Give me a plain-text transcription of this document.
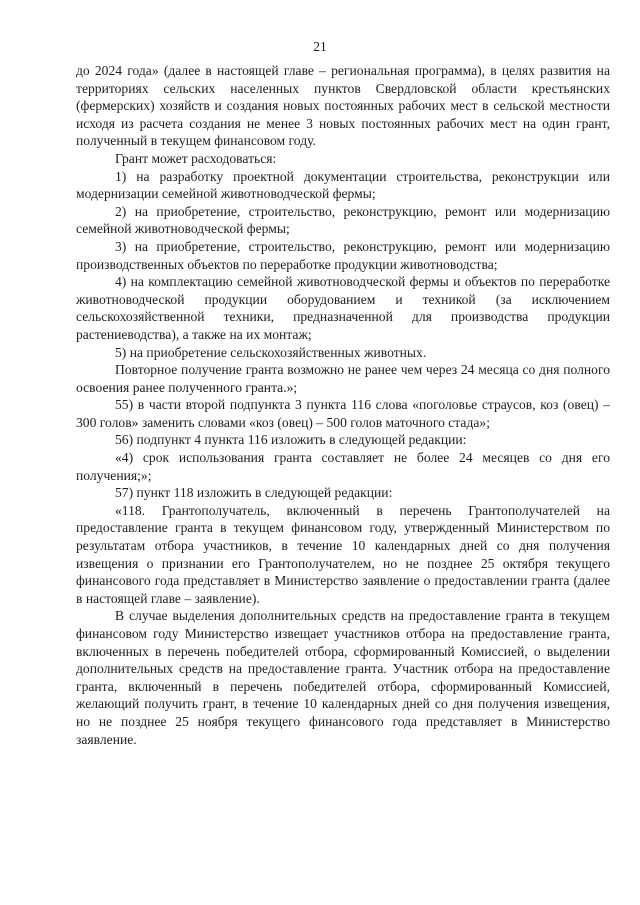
21

до 2024 года» (далее в настоящей главе – региональная программа), в целях развития на территориях сельских населенных пунктов Свердловской области крестьянских (фермерских) хозяйств и создания новых постоянных рабочих мест в сельской местности исходя из расчета создания не менее 3 новых постоянных рабочих мест на один грант, полученный в текущем финансовом году.

Грант может расходоваться:

1) на разработку проектной документации строительства, реконструкции или модернизации семейной животноводческой фермы;

2) на приобретение, строительство, реконструкцию, ремонт или модернизацию семейной животноводческой фермы;

3) на приобретение, строительство, реконструкцию, ремонт или модернизацию производственных объектов по переработке продукции животноводства;

4) на комплектацию семейной животноводческой фермы и объектов по переработке животноводческой продукции оборудованием и техникой (за исключением сельскохозяйственной техники, предназначенной для производства продукции растениеводства), а также на их монтаж;

5) на приобретение сельскохозяйственных животных.

Повторное получение гранта возможно не ранее чем через 24 месяца со дня полного освоения ранее полученного гранта.»;

55) в части второй подпункта 3 пункта 116 слова «поголовье страусов, коз (овец) – 300 голов» заменить словами «коз (овец) – 500 голов маточного стада»;

56) подпункт 4 пункта 116 изложить в следующей редакции:

«4) срок использования гранта составляет не более 24 месяцев со дня его получения;»;

57) пункт 118 изложить в следующей редакции:

«118. Грантополучатель, включенный в перечень Грантополучателей на предоставление гранта в текущем финансовом году, утвержденный Министерством по результатам отбора участников, в течение 10 календарных дней со дня получения извещения о признании его Грантополучателем, но не позднее 25 октября текущего финансового года представляет в Министерство заявление о предоставлении гранта (далее в настоящей главе – заявление).

В случае выделения дополнительных средств на предоставление гранта в текущем финансовом году Министерство извещает участников отбора на предоставление гранта, включенных в перечень победителей отбора, сформированный Комиссией, о выделении дополнительных средств на предоставление гранта. Участник отбора на предоставление гранта, включенный в перечень победителей отбора, сформированный Комиссией, желающий получить грант, в течение 10 календарных дней со дня получения извещения, но не позднее 25 ноября текущего финансового года представляет в Министерство заявление.
